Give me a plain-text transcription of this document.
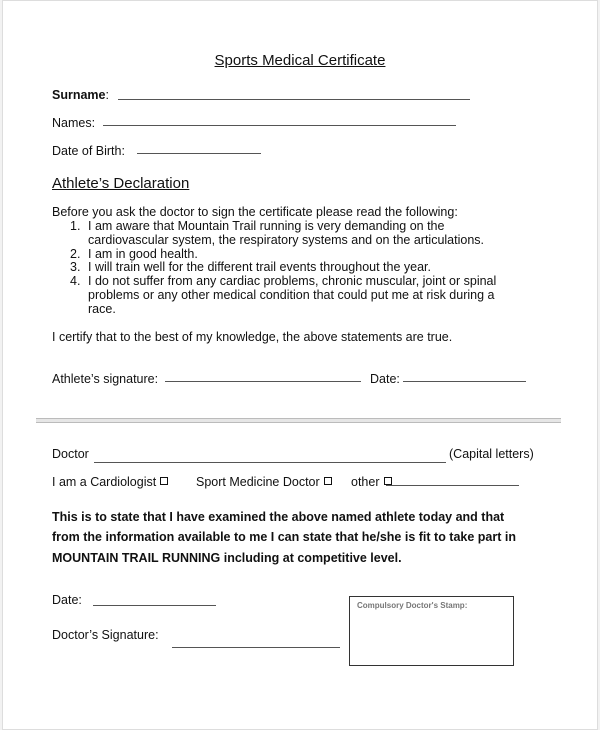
Sports Medical Certificate
Surname:
Names:
Date of Birth:
Athlete’s Declaration
Before you ask the doctor to sign the certificate please read the following:
1. I am aware that Mountain Trail running is very demanding on the
cardiovascular system, the respiratory systems and on the articulations.
2. I am in good health.
3. I will train well for the different trail events throughout the year.
4. I do not suffer from any cardiac problems, chronic muscular, joint or spinal
problems or any other medical condition that could put me at risk during a
race.
I certify that to the best of my knowledge, the above statements are true.
Athlete’s signature:	Date:
Doctor	(Capital letters)
I am a Cardiologist	Sport Medicine Doctor	other
This is to state that I have examined the above named athlete today and that
from the information available to me I can state that he/she is fit to take part in
MOUNTAIN TRAIL RUNNING including at competitive level.
Date:
Doctor’s Signature:
Compulsory Doctor's Stamp:
